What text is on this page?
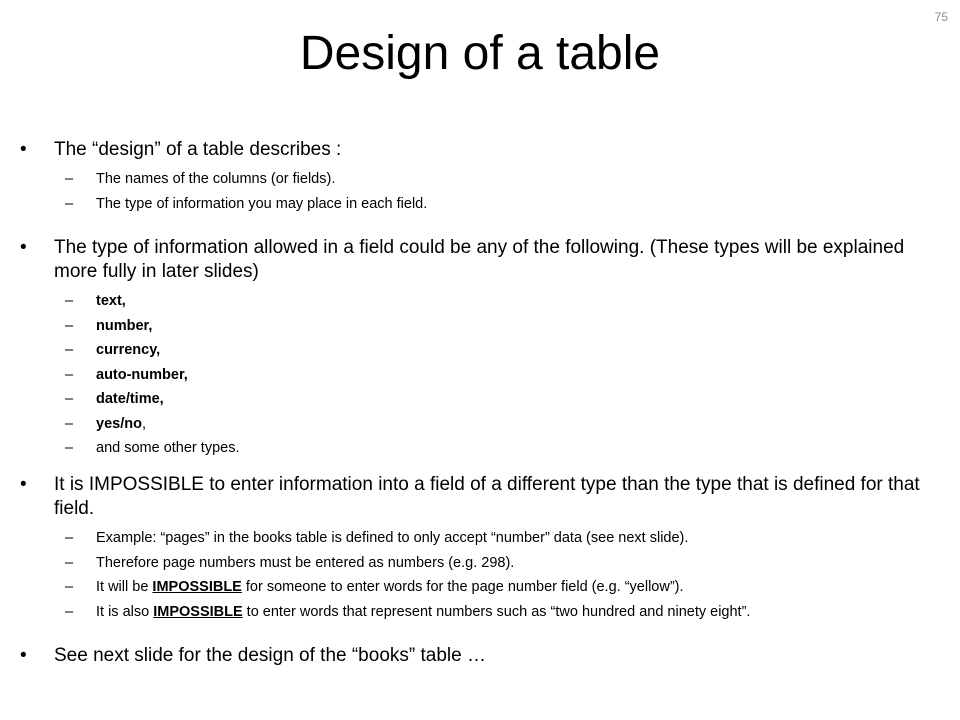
75
Design of a table
• The “design” of a table describes :
– The names of the columns (or fields).
– The type of information you may place in each field.
• The type of information allowed in a field could be any of the following. (These types will be explained more fully in later slides)
– text,
– number,
– currency,
– auto-number,
– date/time,
– yes/no,
– and some other types.
• It is IMPOSSIBLE to enter information into a field of a different type than the type that is defined for that field.
– Example: “pages” in the books table is defined to only accept “number” data (see next slide).
– Therefore page numbers must be entered as numbers (e.g. 298).
– It will be IMPOSSIBLE for someone to enter words for the page number field (e.g. “yellow”).
– It is also IMPOSSIBLE to enter words that represent numbers such as “two hundred and ninety eight”.
• See next slide for the design of the “books” table …
